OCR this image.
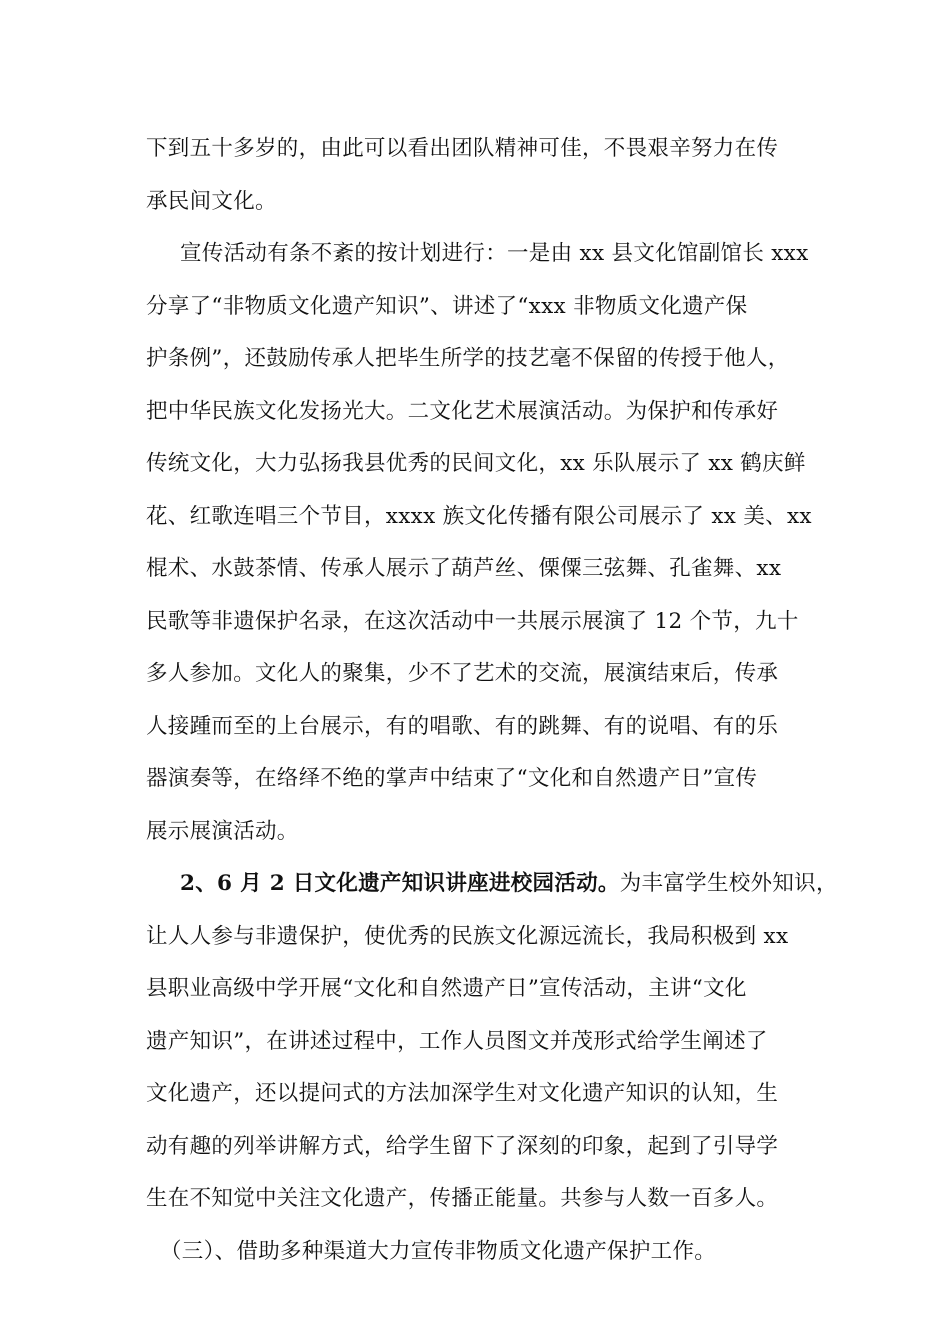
下到五十多岁的，由此可以看出团队精神可佳，不畏艰辛努力在传
承民间文化。
宣传活动有条不紊的按计划进行：一是由 xx 县文化馆副馆长 xxx
分享了“非物质文化遗产知识”、讲述了“xxx 非物质文化遗产保
护条例”，还鼓励传承人把毕生所学的技艺毫不保留的传授于他人，
把中华民族文化发扬光大。二文化艺术展演活动。为保护和传承好
传统文化，大力弘扬我县优秀的民间文化，xx 乐队展示了 xx 鹤庆鲜
花、红歌连唱三个节目，xxxx 族文化传播有限公司展示了 xx 美、xx
棍术、水鼓茶情、传承人展示了葫芦丝、傈僳三弦舞、孔雀舞、xx
民歌等非遗保护名录，在这次活动中一共展示展演了 12 个节，九十
多人参加。文化人的聚集，少不了艺术的交流，展演结束后，传承
人接踵而至的上台展示，有的唱歌、有的跳舞、有的说唱、有的乐
器演奏等，在络绎不绝的掌声中结束了“文化和自然遗产日”宣传
展示展演活动。
2、6 月 2 日文化遗产知识讲座进校园活动。为丰富学生校外知识，
让人人参与非遗保护，使优秀的民族文化源远流长，我局积极到 xx
县职业高级中学开展“文化和自然遗产日”宣传活动，主讲“文化
遗产知识”，在讲述过程中，工作人员图文并茂形式给学生阐述了
文化遗产，还以提问式的方法加深学生对文化遗产知识的认知，生
动有趣的列举讲解方式，给学生留下了深刻的印象，起到了引导学
生在不知觉中关注文化遗产，传播正能量。共参与人数一百多人。
（三）、借助多种渠道大力宣传非物质文化遗产保护工作。
